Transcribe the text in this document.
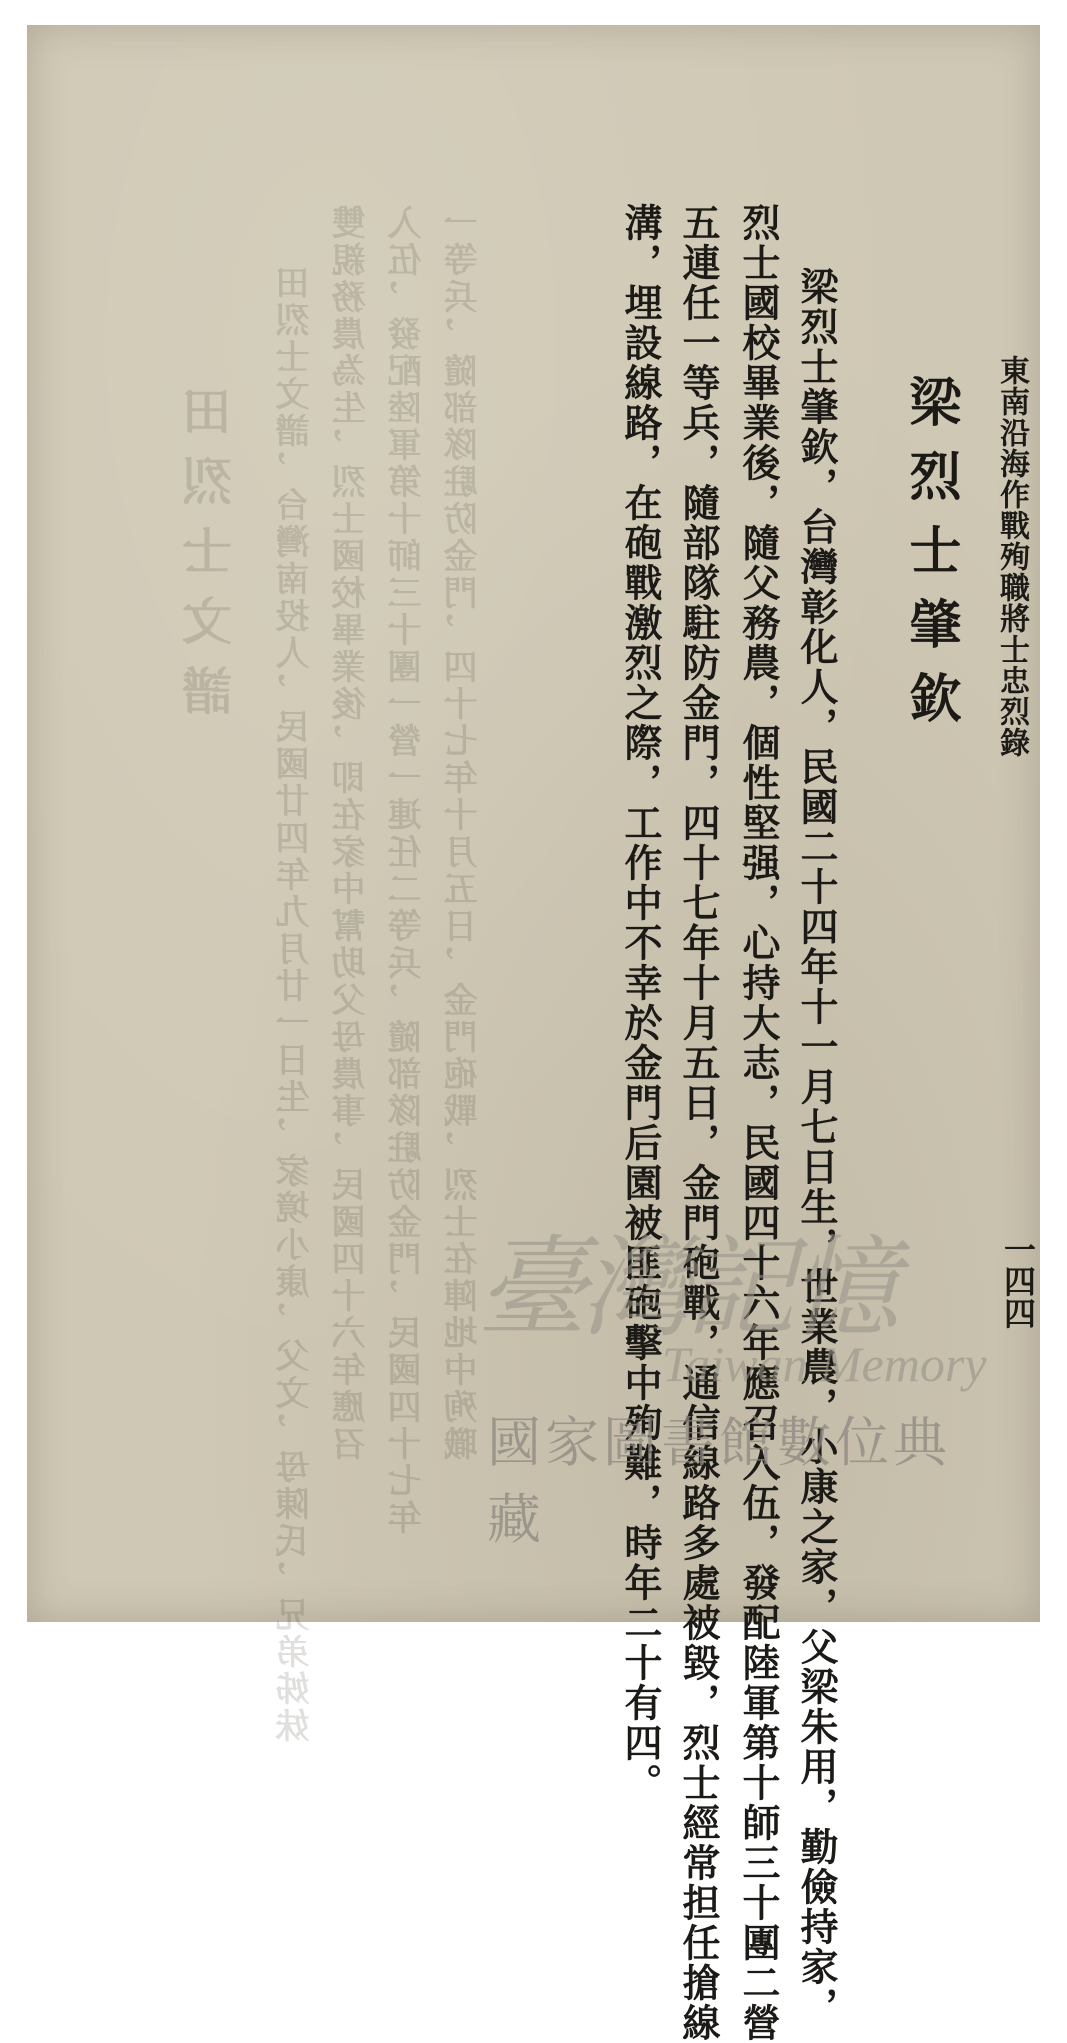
田烈士文譜 田烈士文譜，台灣南投人，民國廿四年九月廿一日生，家境小康，父文，母陳氏，兄弟姊妹 雙親務農為生，烈士國校畢業後，即在家中幫助父母農事，民國四十六年應召 入伍，發配陸軍第十師三十團一營一連任二等兵，隨部隊駐防金門，民國四十七年 一等兵，隨部隊駐防金門，四十七年十月五日，金門砲戰，烈士在陣地中殉職	東南沿海作戰殉職將士忠烈錄
一四四
梁烈士肇欽
梁烈士肇欽，台灣彰化人，民國二十四年十一月七日生，世業農，小康之家，父梁朱用，勤儉持家，
烈士國校畢業後，隨父務農，個性堅强，心持大志，民國四十六年應召入伍，發配陸軍第十師三十團二營
五連任一等兵，隨部隊駐防金門，四十七年十月五日，金門砲戰，通信線路多處被毀，烈士經常担任搶線
溝，埋設線路，在砲戰激烈之際，工作中不幸於金門后園被匪砲擊中殉難，時年二十有四。
臺灣記憶
Taiwan Memory
國家圖書館數位典藏
